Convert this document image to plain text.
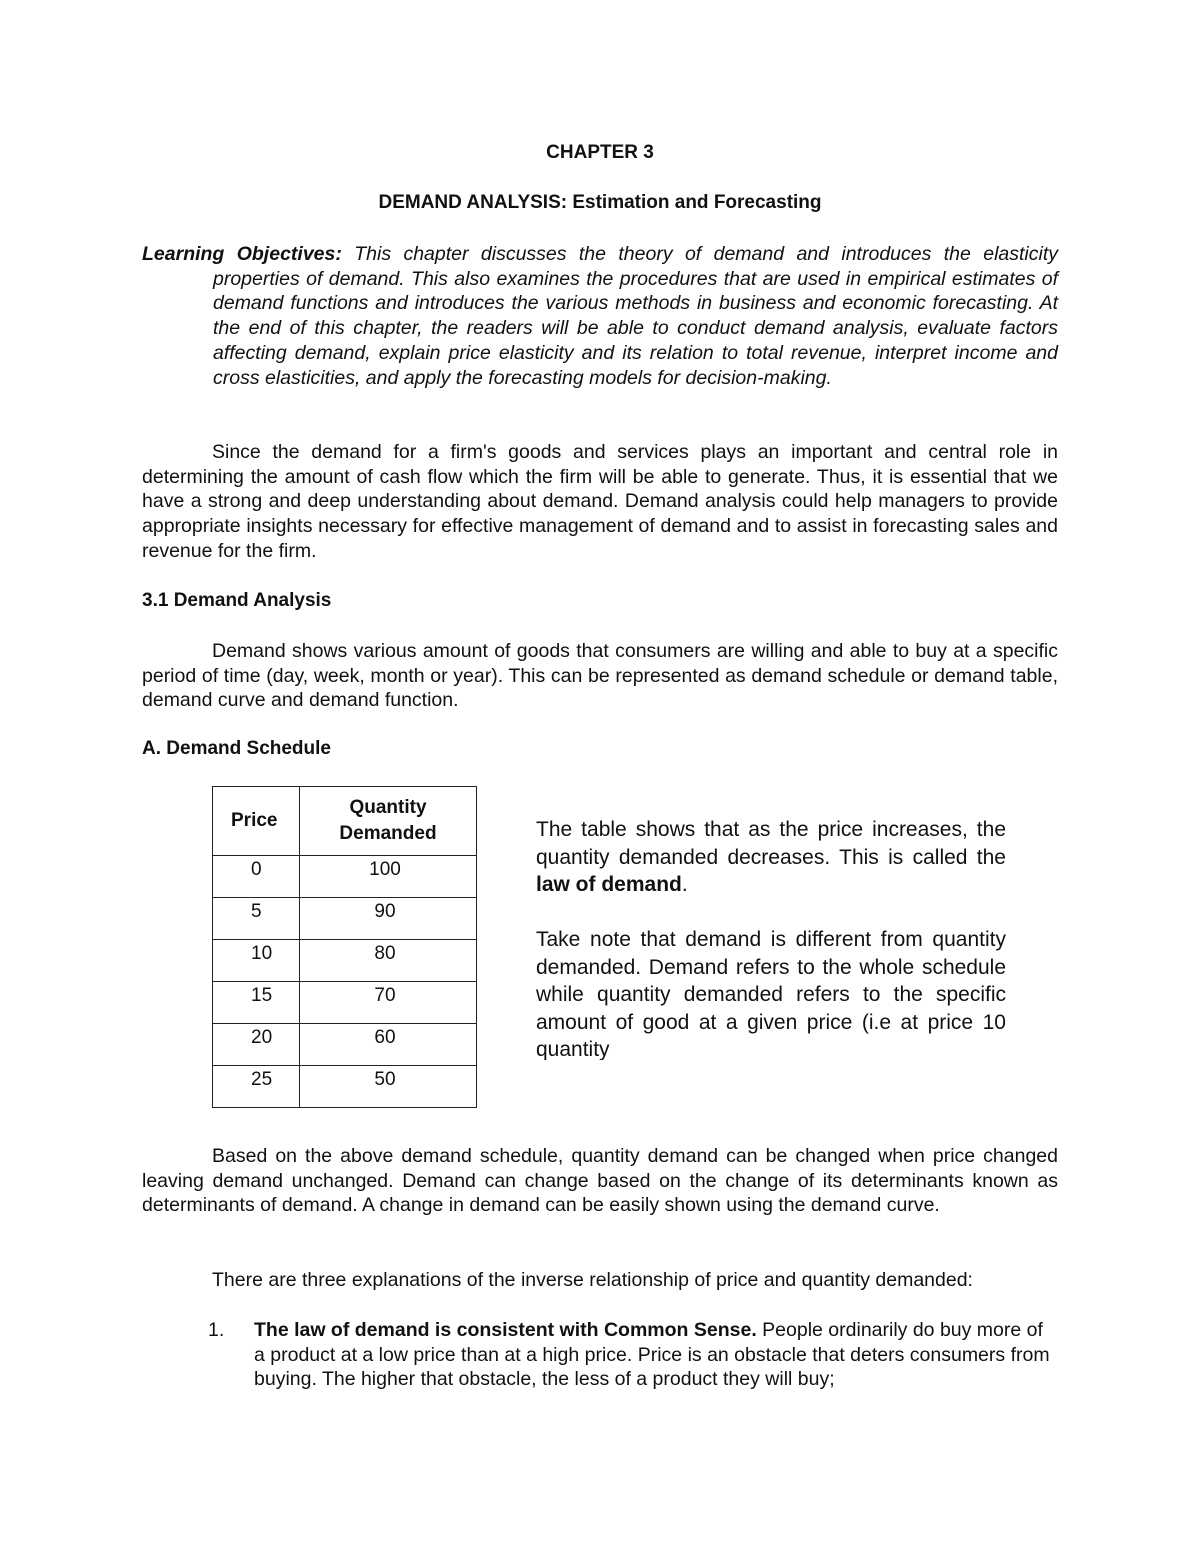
CHAPTER 3
DEMAND ANALYSIS: Estimation and Forecasting
Learning Objectives: This chapter discusses the theory of demand and introduces the elasticity properties of demand. This also examines the procedures that are used in empirical estimates of demand functions and introduces the various methods in business and economic forecasting. At the end of this chapter, the readers will be able to conduct demand analysis, evaluate factors affecting demand, explain price elasticity and its relation to total revenue, interpret income and cross elasticities, and apply the forecasting models for decision-making.
Since the demand for a firm's goods and services plays an important and central role in determining the amount of cash flow which the firm will be able to generate. Thus, it is essential that we have a strong and deep understanding about demand. Demand analysis could help managers to provide appropriate insights necessary for effective management of demand and to assist in forecasting sales and revenue for the firm.
3.1 Demand Analysis
Demand shows various amount of goods that consumers are willing and able to buy at a specific period of time (day, week, month or year). This can be represented as demand schedule or demand table, demand curve and demand function.
A. Demand Schedule
Price	Quantity Demanded
0	100
5	90
10	80
15	70
20	60
25	50
The table shows that as the price increases, the quantity demanded decreases. This is called the law of demand.
Take note that demand is different from quantity demanded. Demand refers to the whole schedule while quantity demanded refers to the specific amount of good at a given price (i.e at price 10 quantity
Based on the above demand schedule, quantity demand can be changed when price changed leaving demand unchanged. Demand can change based on the change of its determinants known as determinants of demand. A change in demand can be easily shown using the demand curve.
There are three explanations of the inverse relationship of price and quantity demanded:
1.	The law of demand is consistent with Common Sense. People ordinarily do buy more of a product at a low price than at a high price. Price is an obstacle that deters consumers from buying. The higher that obstacle, the less of a product they will buy;
